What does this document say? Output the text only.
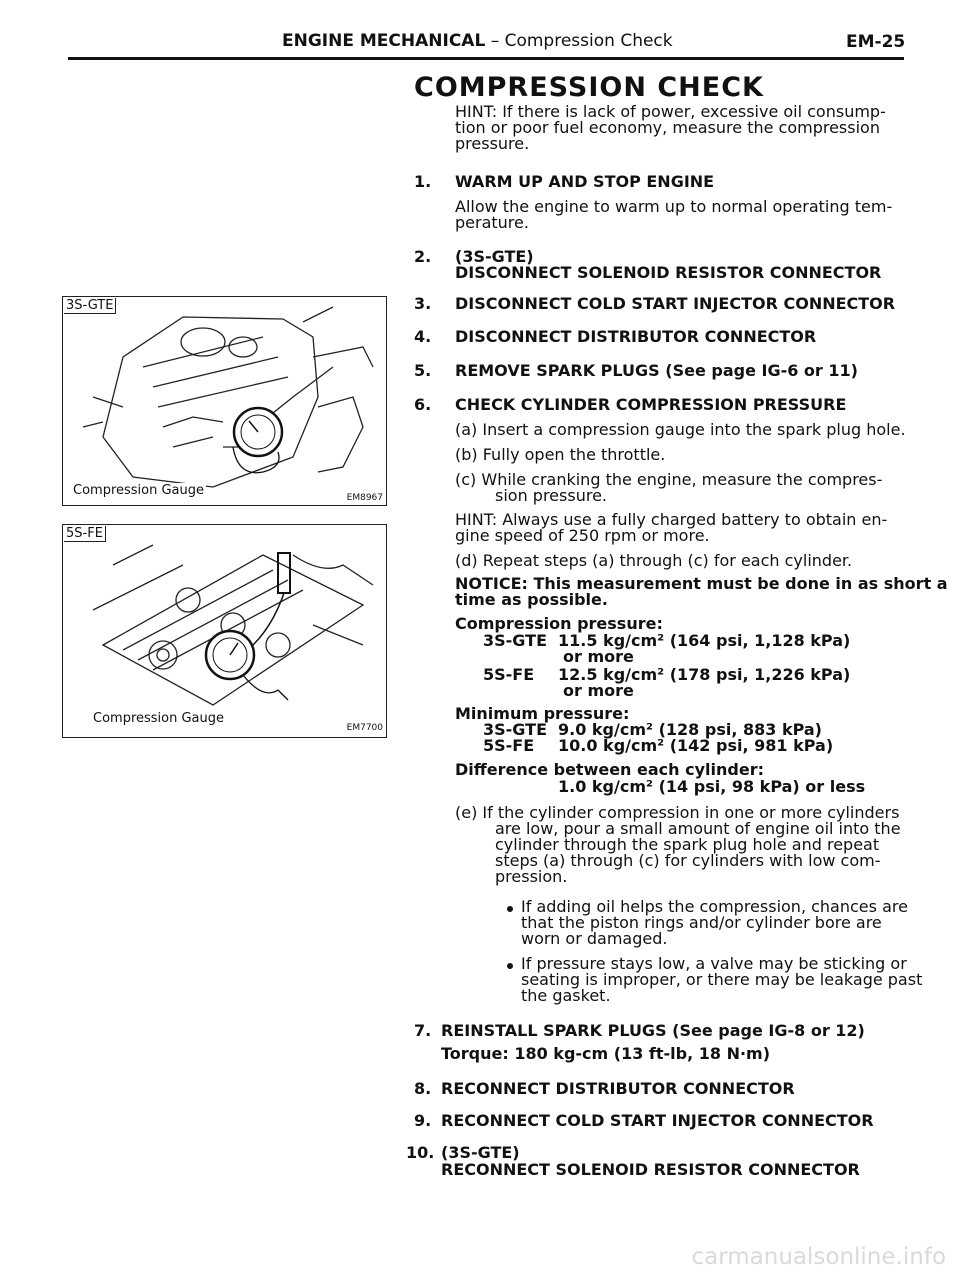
ENGINE MECHANICAL – Compression Check	EM-25
COMPRESSION CHECK
HINT: If there is lack of power, excessive oil consump-
tion or poor fuel economy, measure the compression
pressure.
1. WARM UP AND STOP ENGINE
Allow the engine to warm up to normal operating tem-
perature.
2. (3S-GTE)
DISCONNECT SOLENOID RESISTOR CONNECTOR
3. DISCONNECT COLD START INJECTOR CONNECTOR
4. DISCONNECT DISTRIBUTOR CONNECTOR
5. REMOVE SPARK PLUGS (See page IG-6 or 11)
6. CHECK CYLINDER COMPRESSION PRESSURE
(a) Insert a compression gauge into the spark plug hole.
(b) Fully open the throttle.
(c) While cranking the engine, measure the compres-
sion pressure.
HINT: Always use a fully charged battery to obtain en-
gine speed of 250 rpm or more.
(d) Repeat steps (a) through (c) for each cylinder.
NOTICE: This measurement must be done in as short a
time as possible.
Compression pressure:
3S-GTE 11.5 kg/cm² (164 psi, 1,128 kPa)
or more
5S-FE 12.5 kg/cm² (178 psi, 1,226 kPa)
or more
Minimum pressure:
3S-GTE 9.0 kg/cm² (128 psi, 883 kPa)
5S-FE 10.0 kg/cm² (142 psi, 981 kPa)
Difference between each cylinder:
1.0 kg/cm² (14 psi, 98 kPa) or less
(e) If the cylinder compression in one or more cylinders
are low, pour a small amount of engine oil into the
cylinder through the spark plug hole and repeat
steps (a) through (c) for cylinders with low com-
pression.
If adding oil helps the compression, chances are
that the piston rings and/or cylinder bore are
worn or damaged.
If pressure stays low, a valve may be sticking or
seating is improper, or there may be leakage past
the gasket.
7. REINSTALL SPARK PLUGS (See page IG-8 or 12)
Torque: 180 kg-cm (13 ft-lb, 18 N·m)
8. RECONNECT DISTRIBUTOR CONNECTOR
9. RECONNECT COLD START INJECTOR CONNECTOR
10. (3S-GTE)
RECONNECT SOLENOID RESISTOR CONNECTOR
3S-GTE
Compression Gauge	EM8967
5S-FE
Compression Gauge
EM7700
carmanualsonline.info
